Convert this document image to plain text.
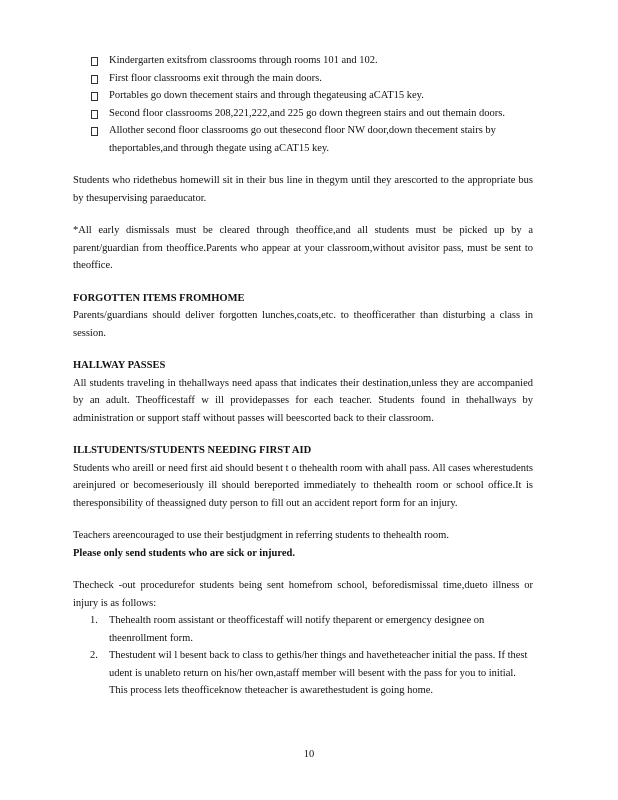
Kindergarten exitsfrom classrooms through rooms 101 and 102.
First floor classrooms exit through the main doors.
Portables go down thecement stairs and through thegateusing aCAT15 key.
Second floor classrooms 208,221,222,and 225 go down thegreen stairs and out themain doors.
Allother second floor classrooms go out thesecond floor NW door,down thecement stairs by theportables,and through thegate using aCAT15 key.

Students who ridethebus homewill sit in their bus line in thegym until they arescorted to the appropriate bus by thesupervising paraeducator.

*All early dismissals must be cleared through theoffice,and all students must be picked up by a parent/guardian from theoffice.Parents who appear at your classroom,without avisitor pass, must be sent to theoffice.

FORGOTTEN ITEMS FROMHOME

Parents/guardians should deliver forgotten lunches,coats,etc. to theofficerather than disturbing a class in session.

HALLWAY PASSES

All students traveling in thehallways need apass that indicates their destination,unless they are accompanied by an adult. Theofficestaff w ill providepasses for each teacher. Students found in thehallways by administration or support staff without passes will beescorted back to their classroom.

ILLSTUDENTS/STUDENTS NEEDING FIRST AID

Students who areill or need first aid should besent t o thehealth room with ahall pass. All cases wherestudents areinjured or becomeseriously ill should bereported immediately to thehealth room or school office.It is theresponsibility of theassigned duty person to fill out an accident report form for an injury.

Teachers areencouraged to use their bestjudgment in referring students to thehealth room.
Please only send students who are sick or injured.

Thecheck -out procedurefor students being sent homefrom school, beforedismissal time,dueto illness or injury is as follows:

1. Thehealth room assistant or theofficestaff will notify theparent or emergency designee on theenrollment form.
2. Thestudent wil l besent back to class to gethis/her things and havetheteacher initial the pass. If thest udent is unableto return on his/her own,astaff member will besent with the pass for you to initial. This process lets theofficeknow theteacher is awarethestudent is going home.
10
